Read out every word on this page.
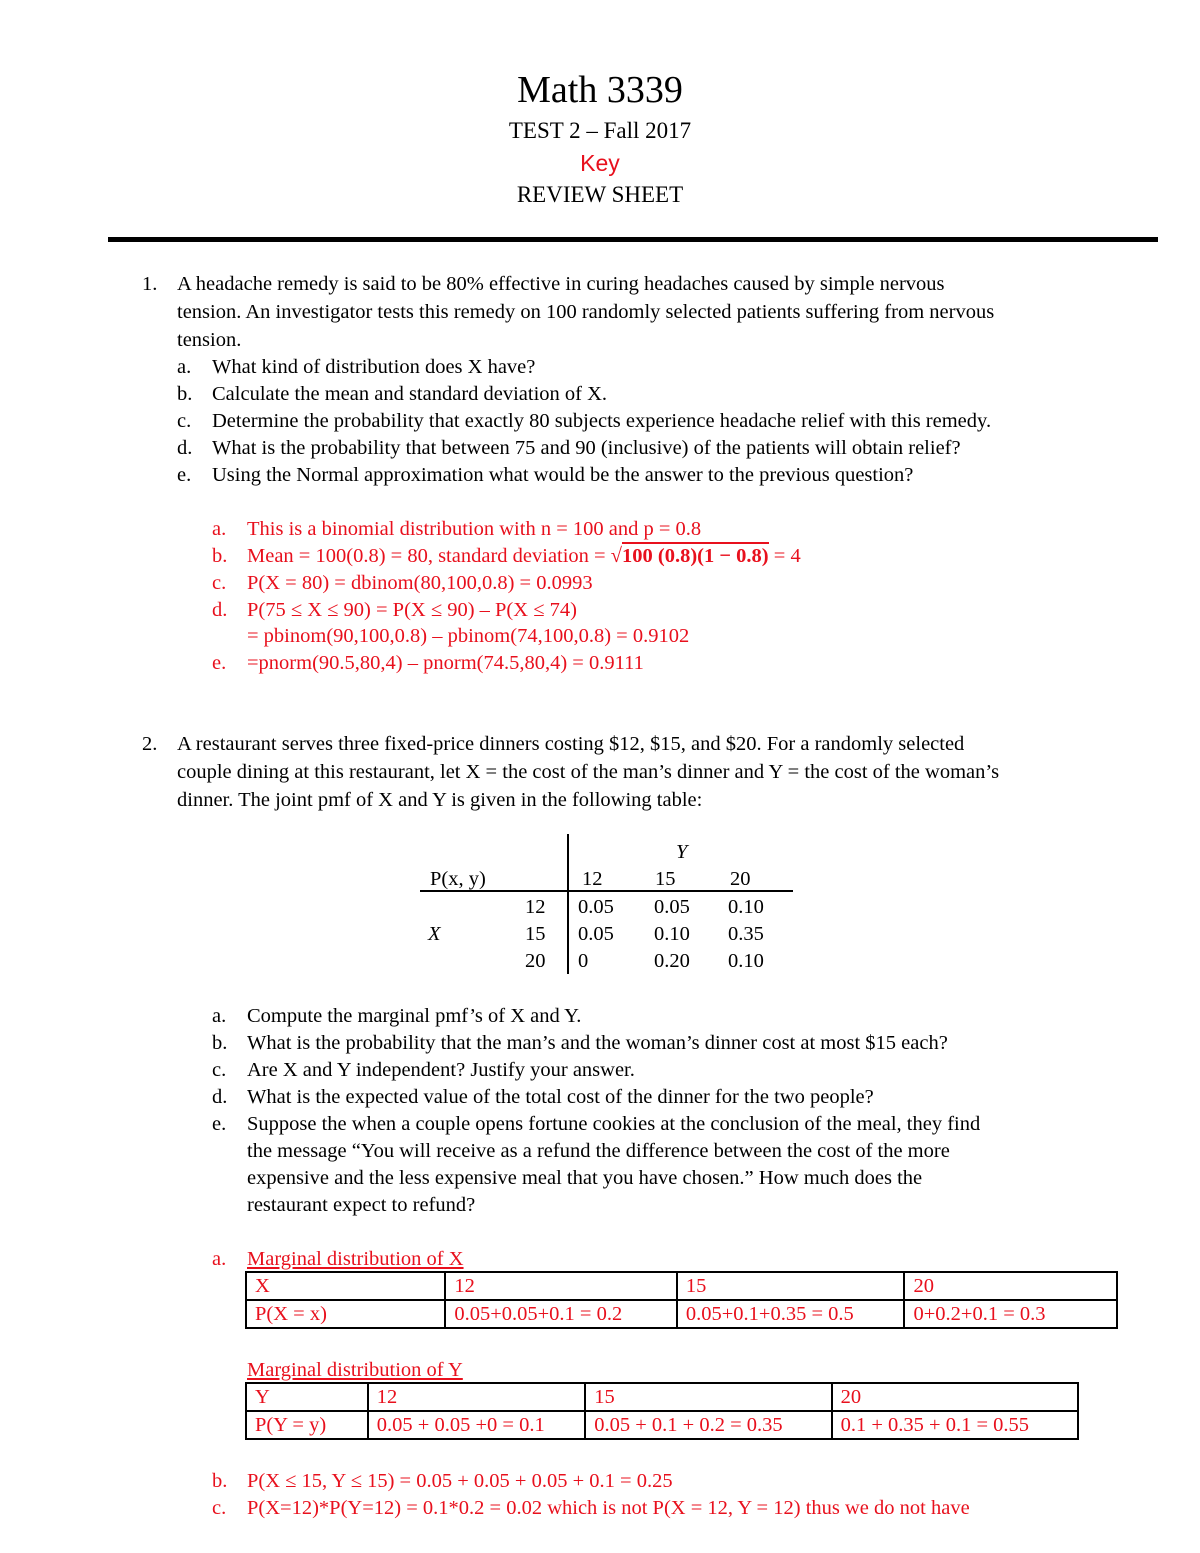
Math 3339
TEST 2 – Fall 2017
Key
REVIEW SHEET
1. A headache remedy is said to be 80% effective in curing headaches caused by simple nervous
tension. An investigator tests this remedy on 100 randomly selected patients suffering from nervous
tension.
a. What kind of distribution does X have?
b. Calculate the mean and standard deviation of X.
c. Determine the probability that exactly 80 subjects experience headache relief with this remedy.
d. What is the probability that between 75 and 90 (inclusive) of the patients will obtain relief?
e. Using the Normal approximation what would be the answer to the previous question?
a. This is a binomial distribution with n = 100 and p = 0.8
b. Mean = 100(0.8) = 80, standard deviation = √100 (0.8)(1 − 0.8) = 4
c. P(X = 80) = dbinom(80,100,0.8) = 0.0993
d. P(75 ≤ X ≤ 90) = P(X ≤ 90) – P(X ≤ 74)
= pbinom(90,100,0.8) – pbinom(74,100,0.8) = 0.9102
e. =pnorm(90.5,80,4) – pnorm(74.5,80,4) = 0.9111
2. A restaurant serves three fixed-price dinners costing $12, $15, and $20. For a randomly selected
couple dining at this restaurant, let X = the cost of the man’s dinner and Y = the cost of the woman’s
dinner. The joint pmf of X and Y is given in the following table:
Y
P(x, y)	12	15	20
X
12 0.05 0.05 0.10
15 0.05 0.10 0.35
20 0	0.20 0.10
a. Compute the marginal pmf’s of X and Y.
b. What is the probability that the man’s and the woman’s dinner cost at most $15 each?
c. Are X and Y independent? Justify your answer.
d. What is the expected value of the total cost of the dinner for the two people?
e. Suppose the when a couple opens fortune cookies at the conclusion of the meal, they find
the message “You will receive as a refund the difference between the cost of the more
expensive and the less expensive meal that you have chosen.” How much does the
restaurant expect to refund?
a. Marginal distribution of X
X	12	15	20
P(X = x)	0.05+0.05+0.1 = 0.2	0.05+0.1+0.35 = 0.5	0+0.2+0.1 = 0.3
Marginal distribution of Y
Y	12	15	20
P(Y = y)	0.05 + 0.05 +0 = 0.1	0.05 + 0.1 + 0.2 = 0.35	0.1 + 0.35 + 0.1 = 0.55
b. P(X ≤ 15, Y ≤ 15) = 0.05 + 0.05 + 0.05 + 0.1 = 0.25
c. P(X=12)*P(Y=12) = 0.1*0.2 = 0.02 which is not P(X = 12, Y = 12) thus we do not have
